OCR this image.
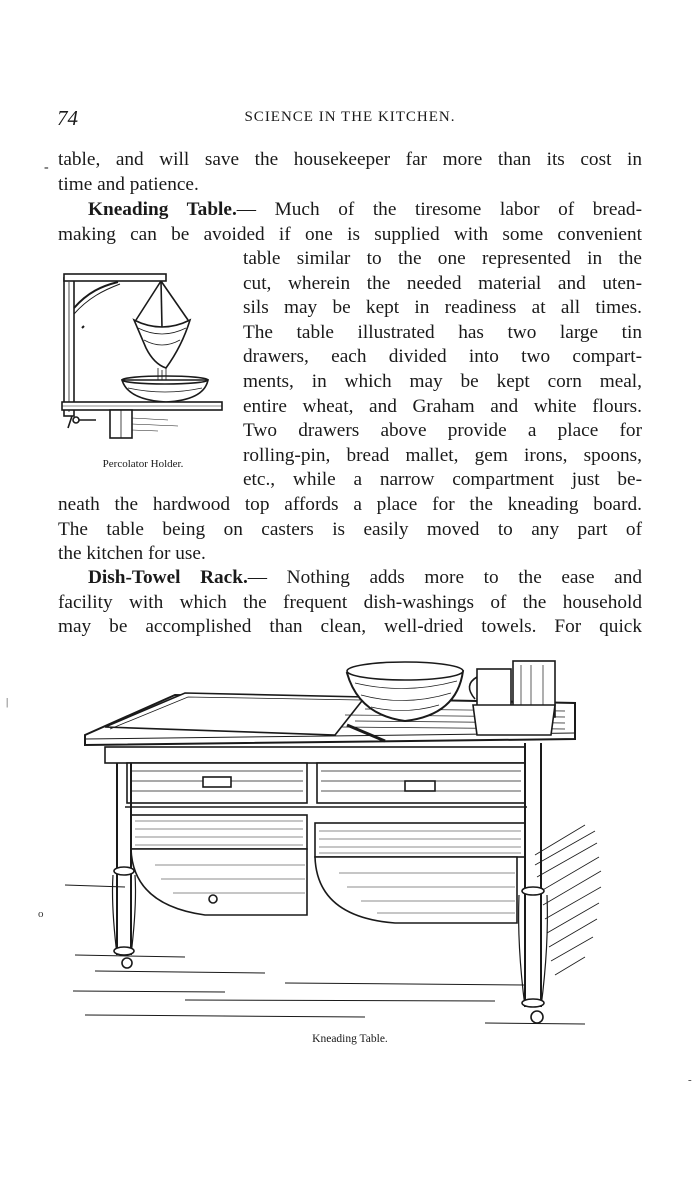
74	SCIENCE IN THE KITCHEN.
- table, and will save the housekeeper far more than its cost in
time and patience.
Kneading Table.— Much of the tiresome labor of bread-
making can be avoided if one is supplied with some convenient
table similar to the one represented in the
cut, wherein the needed material and uten-
sils may be kept in readiness at all times.
The table illustrated has two large tin
drawers, each divided into two compart-
ments, in which may be kept corn meal,
entire wheat, and Graham and white flours.
Two drawers above provide a place for
rolling-pin, bread mallet, gem irons, spoons,
etc., while a narrow compartment just be-
neath the hardwood top affords a place for the kneading board.
The table being on casters is easily moved to any part of
the kitchen for use.
Dish-Towel Rack.— Nothing adds more to the ease and
facility with which the frequent dish-washings of the household
may be accomplished than clean, well-dried towels. For quick
Percolator Holder.
Kneading Table.
o
|
-
